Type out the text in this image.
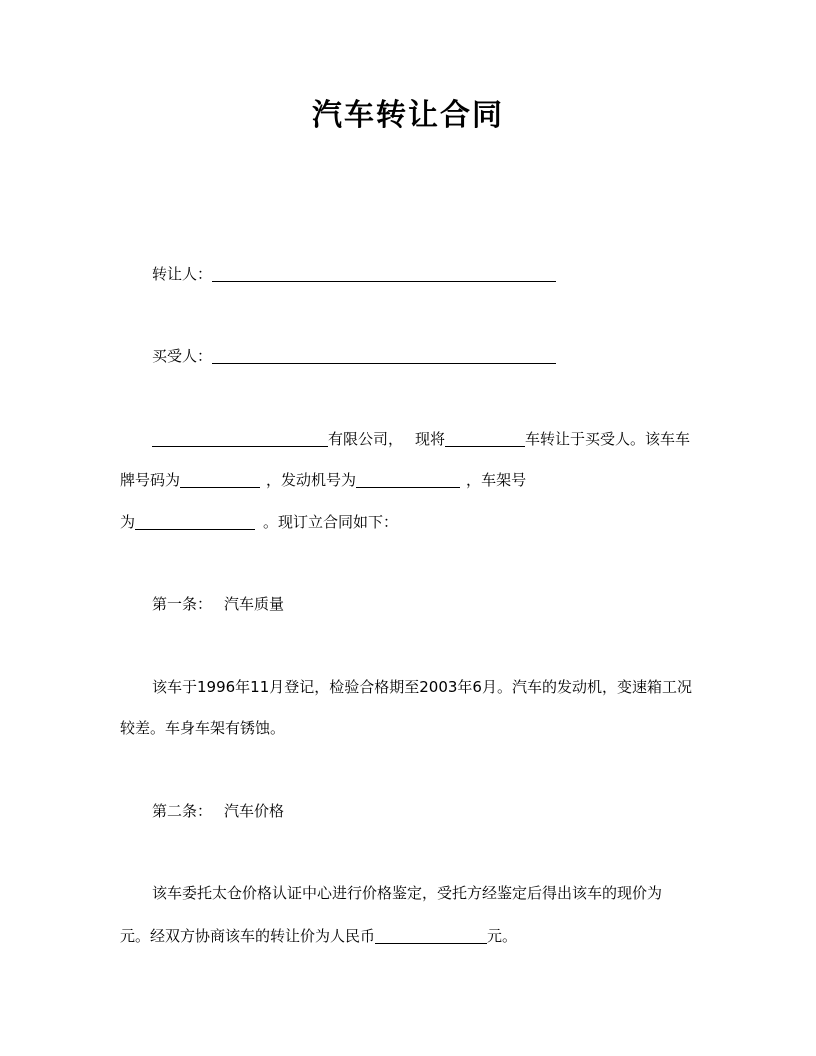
汽车转让合同
转让人：
买受人：
有限公司， 现将	车转让于买受人。该车车
牌号码为	，发动机号为	，车架号
为	。现订立合同如下：
第一条： 汽车质量
该车于1996年11月登记，检验合格期至2003年6月。汽车的发动机，变速箱工况
较差。车身车架有锈蚀。
第二条： 汽车价格
该车委托太仓价格认证中心进行价格鉴定，受托方经鉴定后得出该车的现价为
元。经双方协商该车的转让价为人民币	元。
